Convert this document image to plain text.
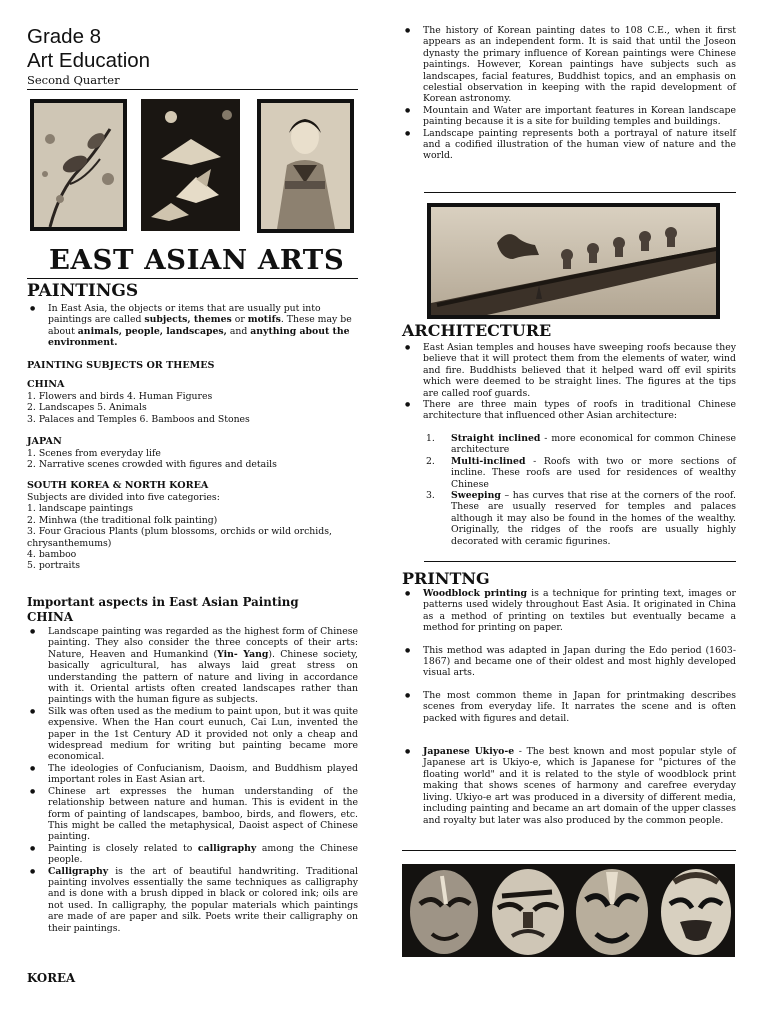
Grade 8
Art Education
Second Quarter
EAST ASIAN ARTS
PAINTINGS
● In East Asia, the objects or items that are usually put into paintings are called subjects, themes or motifs. These may be about animals, people, landscapes, and anything about the environment.
PAINTING SUBJECTS OR THEMES
CHINA
1. Flowers and birds 4. Human Figures
2. Landscapes 5. Animals
3. Palaces and Temples 6. Bamboos and Stones
JAPAN
1. Scenes from everyday life
2. Narrative scenes crowded with figures and details
SOUTH KOREA & NORTH KOREA
Subjects are divided into five categories:
1. landscape paintings
2. Minhwa (the traditional folk painting)
3. Four Gracious Plants (plum blossoms, orchids or wild orchids, chrysanthemums)
4. bamboo
5. portraits
Important aspects in East Asian Painting
CHINA
● Landscape painting was regarded as the highest form of Chinese painting. They also consider the three concepts of their arts: Nature, Heaven and Humankind (Yin- Yang). Chinese society, basically agricultural, has always laid great stress on understanding the pattern of nature and living in accordance with it. Oriental artists often created landscapes rather than paintings with the human figure as subjects.
● Silk was often used as the medium to paint upon, but it was quite expensive. When the Han court eunuch, Cai Lun, invented the paper in the 1st Century AD it provided not only a cheap and widespread medium for writing but painting became more economical.
● The ideologies of Confucianism, Daoism, and Buddhism played important roles in East Asian art.
● Chinese art expresses the human understanding of the relationship between nature and human. This is evident in the form of painting of landscapes, bamboo, birds, and flowers, etc. This might be called the metaphysical, Daoist aspect of Chinese painting.
● Painting is closely related to calligraphy among the Chinese people.
● Calligraphy is the art of beautiful handwriting. Traditional painting involves essentially the same techniques as calligraphy and is done with a brush dipped in black or colored ink; oils are not used. In calligraphy, the popular materials which paintings are made of are paper and silk. Poets write their calligraphy on their paintings.
KOREA
● The history of Korean painting dates to 108 C.E., when it first appears as an independent form. It is said that until the Joseon dynasty the primary influence of Korean paintings were Chinese paintings. However, Korean paintings have subjects such as landscapes, facial features, Buddhist topics, and an emphasis on celestial observation in keeping with the rapid development of Korean astronomy.
● Mountain and Water are important features in Korean landscape painting because it is a site for building temples and buildings.
● Landscape painting represents both a portrayal of nature itself and a codified illustration of the human view of nature and the world.
ARCHITECTURE
● East Asian temples and houses have sweeping roofs because they believe that it will protect them from the elements of water, wind and fire. Buddhists believed that it helped ward off evil spirits which were deemed to be straight lines. The figures at the tips are called roof guards.
● There are three main types of roofs in traditional Chinese architecture that influenced other Asian architecture:
1. Straight inclined - more economical for common Chinese architecture
2. Multi-inclined - Roofs with two or more sections of incline. These roofs are used for residences of wealthy Chinese
3. Sweeping – has curves that rise at the corners of the roof. These are usually reserved for temples and palaces although it may also be found in the homes of the wealthy. Originally, the ridges of the roofs are usually highly decorated with ceramic figurines.
PRINTNG
● Woodblock printing is a technique for printing text, images or patterns used widely throughout East Asia. It originated in China as a method of printing on textiles but eventually became a method for printing on paper.
● This method was adapted in Japan during the Edo period (1603-1867) and became one of their oldest and most highly developed visual arts.
● The most common theme in Japan for printmaking describes scenes from everyday life. It narrates the scene and is often packed with figures and detail.
● Japanese Ukiyo-e - The best known and most popular style of Japanese art is Ukiyo-e, which is Japanese for "pictures of the floating world" and it is related to the style of woodblock print making that shows scenes of harmony and carefree everyday living. Ukiyo-e art was produced in a diversity of different media, including painting and became an art domain of the upper classes and royalty but later was also produced by the common people.
